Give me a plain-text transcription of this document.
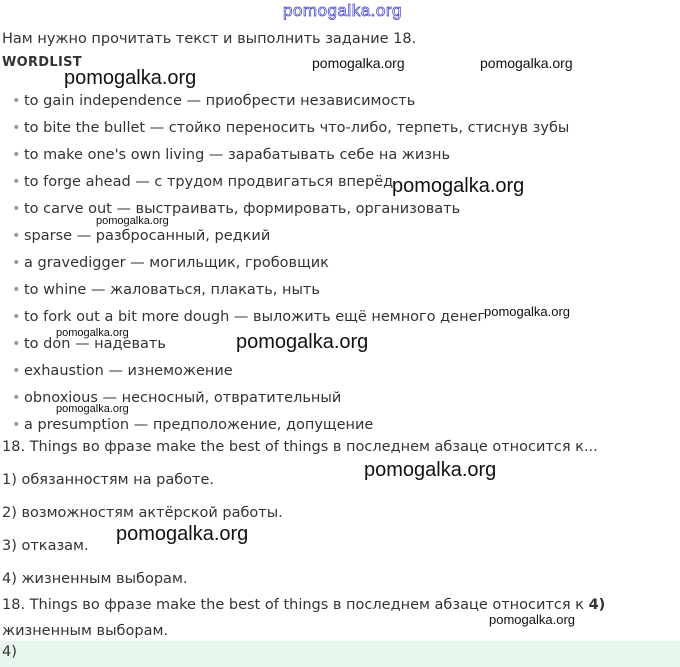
pomogalka.org
Нам нужно прочитать текст и выполнить задание 18.
WORDLIST
• to gain independence — приобрести независимость
• to bite the bullet — стойко переносить что-либо, терпеть, стиснув зубы
• to make one's own living — зарабатывать себе на жизнь
• to forge ahead — с трудом продвигаться вперёд
• to carve out — выстраивать, формировать, организовать
• sparse — разбросанный, редкий
• a gravedigger — могильщик, гробовщик
• to whine — жаловаться, плакать, ныть
• to fork out a bit more dough — выложить ещё немного денег
• to don — надевать
• exhaustion — изнеможение
• obnoxious — несносный, отвратительный
• a presumption — предположение, допущение
18. Things во фразе make the best of things в последнем абзаце относится к...
1) обязанностям на работе.
2) возможностям актёрской работы.
3) отказам.
4) жизненным выборам.
18. Things во фразе make the best of things в последнем абзаце относится к 4)
жизненным выборам.
4)
pomogalka.org
pomogalka.org	pomogalka.org
pomogalka.org
pomogalka.org
pomogalka.org
pomogalka.org	pomogalka.org
pomogalka.org
pomogalka.org
pomogalka.org
pomogalka.org
